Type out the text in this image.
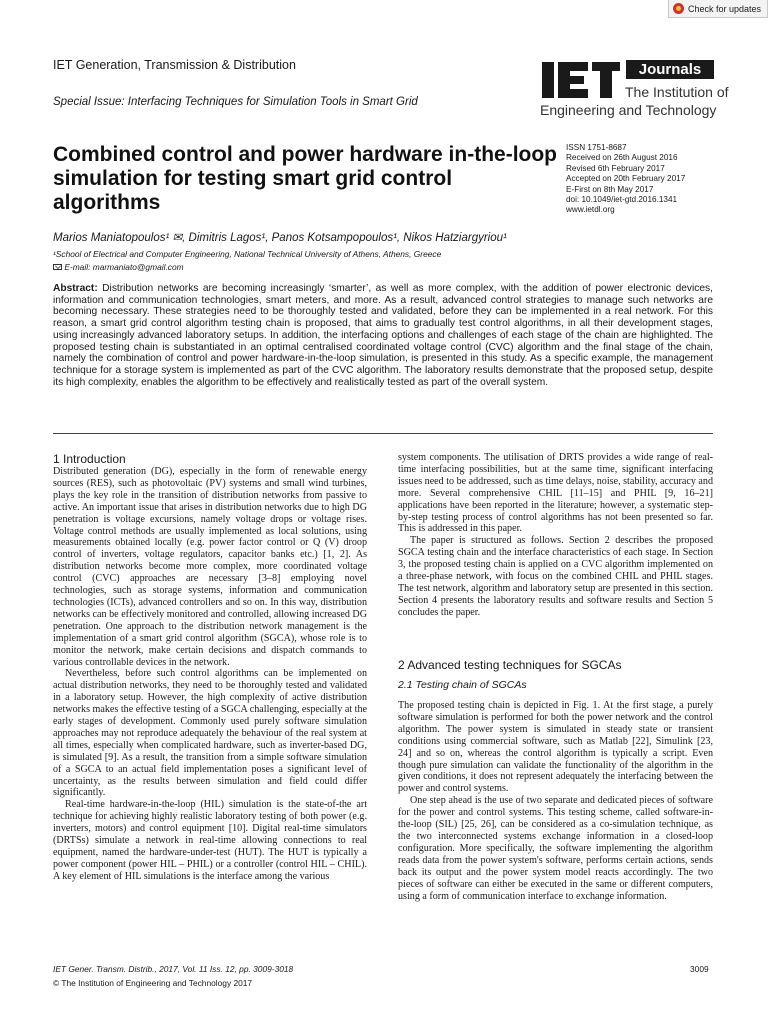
Check for updates
IET Generation, Transmission & Distribution
Special Issue: Interfacing Techniques for Simulation Tools in Smart Grid
Journals
The Institution of
Engineering and Technology
Combined control and power hardware in-the-loop simulation for testing smart grid control algorithms
ISSN 1751-8687
Received on 26th August 2016
Revised 6th February 2017
Accepted on 20th February 2017
E-First on 8th May 2017
doi: 10.1049/iet-gtd.2016.1341
www.ietdl.org
Marios Maniatopoulos¹ ✉, Dimitris Lagos¹, Panos Kotsampopoulos¹, Nikos Hatziargyriou¹
¹School of Electrical and Computer Engineering, National Technical University of Athens, Athens, Greece
E-mail: marmaniato@gmail.com
Abstract: Distribution networks are becoming increasingly ‘smarter’, as well as more complex, with the addition of power electronic devices, information and communication technologies, smart meters, and more. As a result, advanced control strategies to manage such networks are becoming necessary. These strategies need to be thoroughly tested and validated, before they can be implemented in a real network. For this reason, a smart grid control algorithm testing chain is proposed, that aims to gradually test control algorithms, in all their development stages, using increasingly advanced laboratory setups. In addition, the interfacing options and challenges of each stage of the chain are highlighted. The proposed testing chain is substantiated in an optimal centralised coordinated voltage control (CVC) algorithm and the final stage of the chain, namely the combination of control and power hardware-in-the-loop simulation, is presented in this study. As a specific example, the management technique for a storage system is implemented as part of the CVC algorithm. The laboratory results demonstrate that the proposed setup, despite its high complexity, enables the algorithm to be effectively and realistically tested as part of the overall system.
1 Introduction

Distributed generation (DG), especially in the form of renewable energy sources (RES), such as photovoltaic (PV) systems and small wind turbines, plays the key role in the transition of distribution networks from passive to active. An important issue that arises in distribution networks due to high DG penetration is voltage excursions, namely voltage drops or voltage rises. Voltage control methods are usually implemented as local solutions, using measurements obtained locally (e.g. power factor control or Q (V) droop control of inverters, voltage regulators, capacitor banks etc.) [1, 2]. As distribution networks become more complex, more coordinated voltage control (CVC) approaches are necessary [3–8] employing novel technologies, such as storage systems, information and communication technologies (ICTs), advanced controllers and so on. In this way, distribution networks can be effectively monitored and controlled, allowing increased DG penetration. One approach to the distribution network management is the implementation of a smart grid control algorithm (SGCA), whose role is to monitor the network, make certain decisions and dispatch commands to various controllable devices in the network.

Nevertheless, before such control algorithms can be implemented on actual distribution networks, they need to be thoroughly tested and validated in a laboratory setup. However, the high complexity of active distribution networks makes the effective testing of a SGCA challenging, especially at the early stages of development. Commonly used purely software simulation approaches may not reproduce adequately the behaviour of the real system at all times, especially when complicated hardware, such as inverter-based DG, is simulated [9]. As a result, the transition from a simple software simulation of a SGCA to an actual field implementation poses a significant level of uncertainty, as the results between simulation and field could differ significantly.

Real-time hardware-in-the-loop (HIL) simulation is the state-of-the art technique for achieving highly realistic laboratory testing of both power (e.g. inverters, motors) and control equipment [10]. Digital real-time simulators (DRTSs) simulate a network in real-time allowing connections to real equipment, named the hardware-under-test (HUT). The HUT is typically a power component (power HIL – PHIL) or a controller (control HIL – CHIL). A key element of HIL simulations is the interface among the various

system components. The utilisation of DRTS provides a wide range of real-time interfacing possibilities, but at the same time, significant interfacing issues need to be addressed, such as time delays, noise, stability, accuracy and more. Several comprehensive CHIL [11–15] and PHIL [9, 16–21] applications have been reported in the literature; however, a systematic step-by-step testing process of control algorithms has not been presented so far. This is addressed in this paper.

The paper is structured as follows. Section 2 describes the proposed SGCA testing chain and the interface characteristics of each stage. In Section 3, the proposed testing chain is applied on a CVC algorithm implemented on a three-phase network, with focus on the combined CHIL and PHIL stages. The test network, algorithm and laboratory setup are presented in this section. Section 4 presents the laboratory results and software results and Section 5 concludes the paper.

2 Advanced testing techniques for SGCAs
2.1 Testing chain of SGCAs

The proposed testing chain is depicted in Fig. 1. At the first stage, a purely software simulation is performed for both the power network and the control algorithm. The power system is simulated in steady state or transient conditions using commercial software, such as Matlab [22], Simulink [23, 24] and so on, whereas the control algorithm is typically a script. Even though pure simulation can validate the functionality of the algorithm in the given conditions, it does not represent adequately the interfacing between the power and control systems.

One step ahead is the use of two separate and dedicated pieces of software for the power and control systems. This testing scheme, called software-in-the-loop (SIL) [25, 26], can be considered as a co-simulation technique, as the two interconnected systems exchange information in a closed-loop configuration. More specifically, the software implementing the algorithm reads data from the power system's software, performs certain actions, sends back its output and the power system model reacts accordingly. The two pieces of software can either be executed in the same or different computers, using a form of communication interface to exchange information.

IET Gener. Transm. Distrib., 2017, Vol. 11 Iss. 12, pp. 3009-3018
© The Institution of Engineering and Technology 2017
3009
